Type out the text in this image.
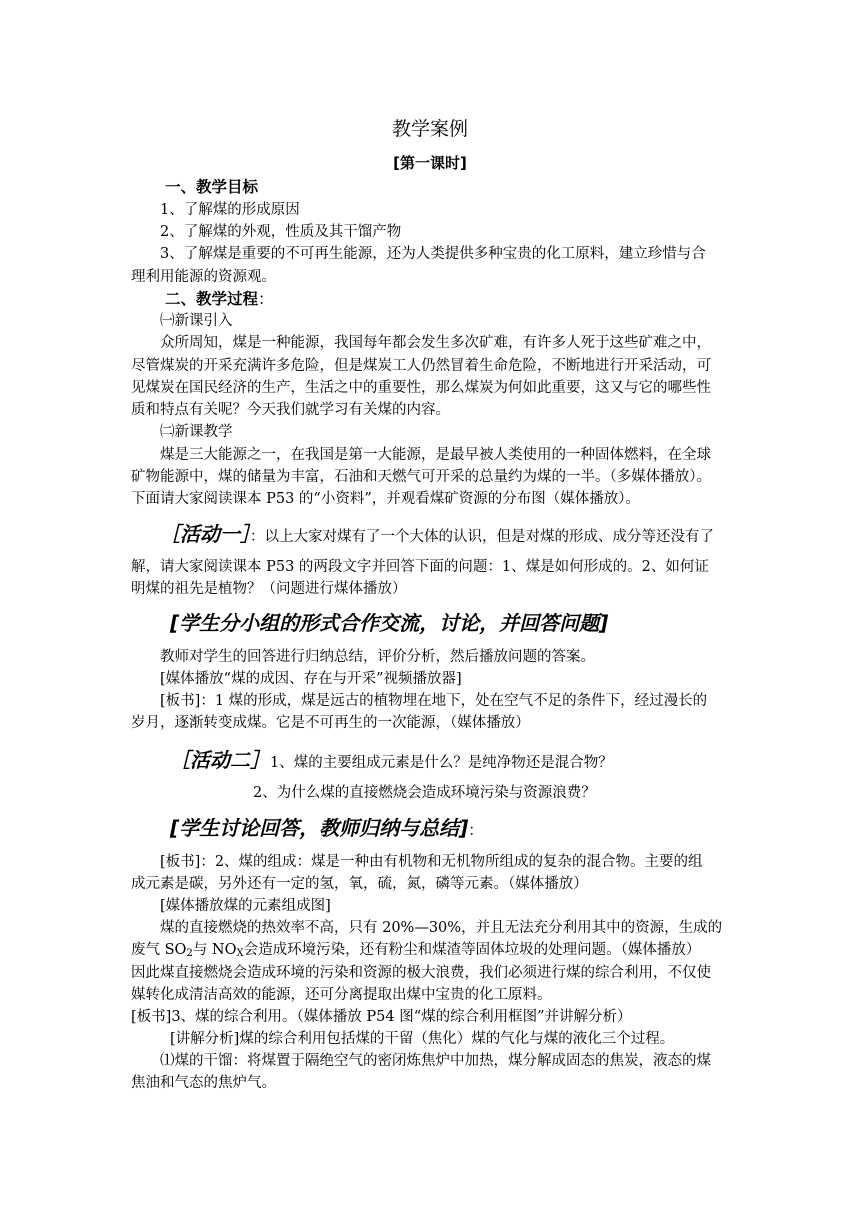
教学案例
[第一课时]
一、教学目标
1、了解煤的形成原因
2、了解煤的外观，性质及其干馏产物
3、了解煤是重要的不可再生能源，还为人类提供多种宝贵的化工原料，建立珍惜与合
理利用能源的资源观。
二、教学过程：
㈠新课引入
众所周知，煤是一种能源，我国每年都会发生多次矿难，有许多人死于这些矿难之中，
尽管煤炭的开采充满许多危险，但是煤炭工人仍然冒着生命危险，不断地进行开采活动，可
见煤炭在国民经济的生产，生活之中的重要性，那么煤炭为何如此重要，这又与它的哪些性
质和特点有关呢？今天我们就学习有关煤的内容。
㈡新课教学
煤是三大能源之一，在我国是第一大能源，是最早被人类使用的一种固体燃料，在全球
矿物能源中，煤的储量为丰富，石油和天燃气可开采的总量约为煤的一半。（多媒体播放）。
下面请大家阅读课本 P53 的“小资料”，并观看煤矿资源的分布图（媒体播放）。
［活动一］：以上大家对煤有了一个大体的认识，但是对煤的形成、成分等还没有了
解，请大家阅读课本 P53 的两段文字并回答下面的问题：1、煤是如何形成的。2、如何证
明煤的祖先是植物？（问题进行煤体播放）
[学生分小组的形式合作交流，讨论，并回答问题]
教师对学生的回答进行归纳总结，评价分析，然后播放问题的答案。
[媒体播放“煤的成因、存在与开采”视频播放器]
[板书]：1 煤的形成，煤是远古的植物埋在地下，处在空气不足的条件下，经过漫长的
岁月，逐渐转变成煤。它是不可再生的一次能源，（媒体播放）
［活动二］1、煤的主要组成元素是什么？是纯净物还是混合物？
2、为什么煤的直接燃烧会造成环境污染与资源浪费？
[学生讨论回答，教师归纳与总结]：
[板书]：2、煤的组成：煤是一种由有机物和无机物所组成的复杂的混合物。主要的组
成元素是碳，另外还有一定的氢，氧，硫，氮，磷等元素。（媒体播放）
[媒体播放煤的元素组成图]
煤的直接燃烧的热效率不高，只有 20%—30%，并且无法充分利用其中的资源，生成的
废气 $SO_2$与 $NO_X$会造成环境污染，还有粉尘和煤渣等固体垃圾的处理问题。（媒体播放）
因此煤直接燃烧会造成环境的污染和资源的极大浪费，我们必须进行煤的综合利用，不仅使
媒转化成清洁高效的能源，还可分离提取出煤中宝贵的化工原料。
[板书]3、煤的综合利用。（媒体播放 P54 图“煤的综合利用框图”并讲解分析）
[讲解分析]煤的综合利用包括煤的干留（焦化）煤的气化与煤的液化三个过程。
⑴煤的干馏：将煤置于隔绝空气的密闭炼焦炉中加热，煤分解成固态的焦炭，液态的煤
焦油和气态的焦炉气。
